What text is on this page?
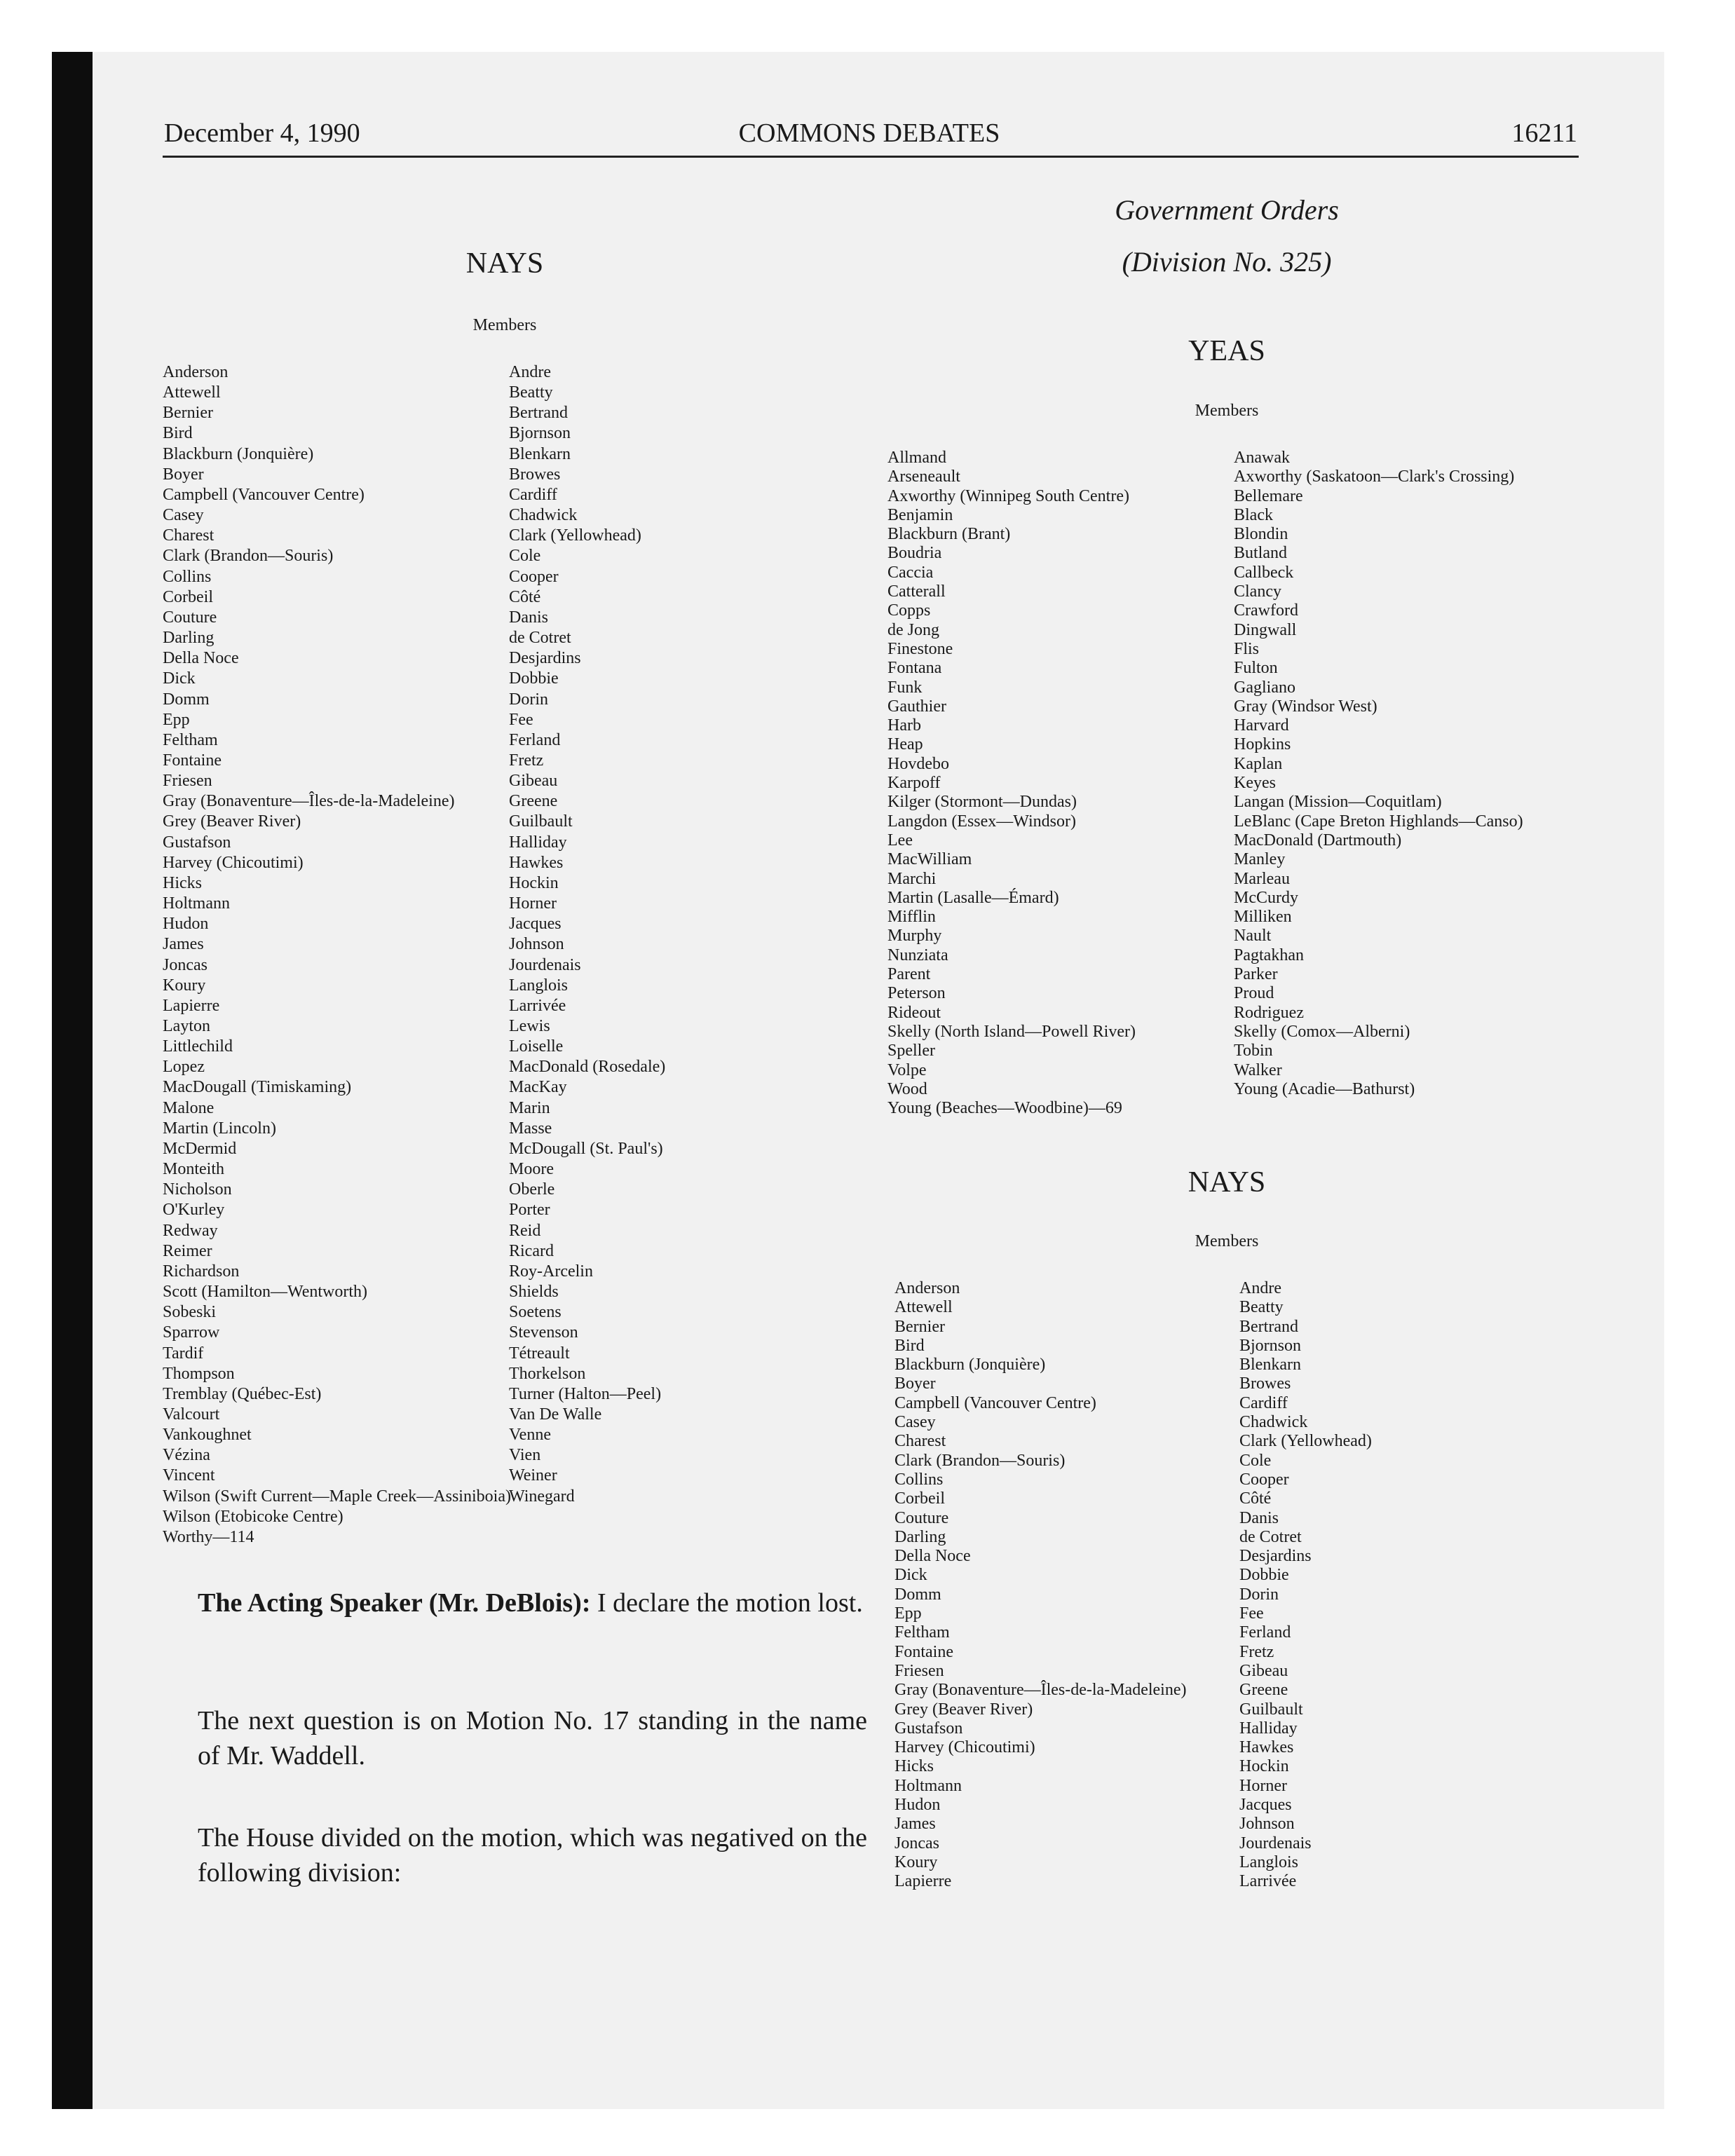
December 4, 1990	COMMONS DEBATES	16211
NAYS
Members
Anderson
Attewell
Bernier
Bird
Blackburn (Jonquière)
Boyer
Campbell (Vancouver Centre)
Casey
Charest
Clark (Brandon—Souris)
Collins
Corbeil
Couture
Darling
Della Noce
Dick
Domm
Epp
Feltham
Fontaine
Friesen
Gray (Bonaventure—Îles-de-la-Madeleine)
Grey (Beaver River)
Gustafson
Harvey (Chicoutimi)
Hicks
Holtmann
Hudon
James
Joncas
Koury
Lapierre
Layton
Littlechild
Lopez
MacDougall (Timiskaming)
Malone
Martin (Lincoln)
McDermid
Monteith
Nicholson
O'Kurley
Redway
Reimer
Richardson
Scott (Hamilton—Wentworth)
Sobeski
Sparrow
Tardif
Thompson
Tremblay (Québec-Est)
Valcourt
Vankoughnet
Vézina
Vincent
Wilson (Swift Current—Maple Creek—Assiniboia)
Wilson (Etobicoke Centre)
Worthy—114
Andre
Beatty
Bertrand
Bjornson
Blenkarn
Browes
Cardiff
Chadwick
Clark (Yellowhead)
Cole
Cooper
Côté
Danis
de Cotret
Desjardins
Dobbie
Dorin
Fee
Ferland
Fretz
Gibeau
Greene
Guilbault
Halliday
Hawkes
Hockin
Horner
Jacques
Johnson
Jourdenais
Langlois
Larrivée
Lewis
Loiselle
MacDonald (Rosedale)
MacKay
Marin
Masse
McDougall (St. Paul's)
Moore
Oberle
Porter
Reid
Ricard
Roy-Arcelin
Shields
Soetens
Stevenson
Tétreault
Thorkelson
Turner (Halton—Peel)
Van De Walle
Venne
Vien
Weiner
Winegard
The Acting Speaker (Mr. DeBlois): I declare the motion lost.
The next question is on Motion No. 17 standing in the name of Mr. Waddell.
The House divided on the motion, which was negatived on the following division:
Government Orders
(Division No. 325)
YEAS
Members
Allmand
Arseneault
Axworthy (Winnipeg South Centre)
Benjamin
Blackburn (Brant)
Boudria
Caccia
Catterall
Copps
de Jong
Finestone
Fontana
Funk
Gauthier
Harb
Heap
Hovdebo
Karpoff
Kilger (Stormont—Dundas)
Langdon (Essex—Windsor)
Lee
MacWilliam
Marchi
Martin (Lasalle—Émard)
Mifflin
Murphy
Nunziata
Parent
Peterson
Rideout
Skelly (North Island—Powell River)
Speller
Volpe
Wood
Young (Beaches—Woodbine)—69
Anawak
Axworthy (Saskatoon—Clark's Crossing)
Bellemare
Black
Blondin
Butland
Callbeck
Clancy
Crawford
Dingwall
Flis
Fulton
Gagliano
Gray (Windsor West)
Harvard
Hopkins
Kaplan
Keyes
Langan (Mission—Coquitlam)
LeBlanc (Cape Breton Highlands—Canso)
MacDonald (Dartmouth)
Manley
Marleau
McCurdy
Milliken
Nault
Pagtakhan
Parker
Proud
Rodriguez
Skelly (Comox—Alberni)
Tobin
Walker
Young (Acadie—Bathurst)
NAYS
Members
Anderson
Attewell
Bernier
Bird
Blackburn (Jonquière)
Boyer
Campbell (Vancouver Centre)
Casey
Charest
Clark (Brandon—Souris)
Collins
Corbeil
Couture
Darling
Della Noce
Dick
Domm
Epp
Feltham
Fontaine
Friesen
Gray (Bonaventure—Îles-de-la-Madeleine)
Grey (Beaver River)
Gustafson
Harvey (Chicoutimi)
Hicks
Holtmann
Hudon
James
Joncas
Koury
Lapierre
Andre
Beatty
Bertrand
Bjornson
Blenkarn
Browes
Cardiff
Chadwick
Clark (Yellowhead)
Cole
Cooper
Côté
Danis
de Cotret
Desjardins
Dobbie
Dorin
Fee
Ferland
Fretz
Gibeau
Greene
Guilbault
Halliday
Hawkes
Hockin
Horner
Jacques
Johnson
Jourdenais
Langlois
Larrivée
